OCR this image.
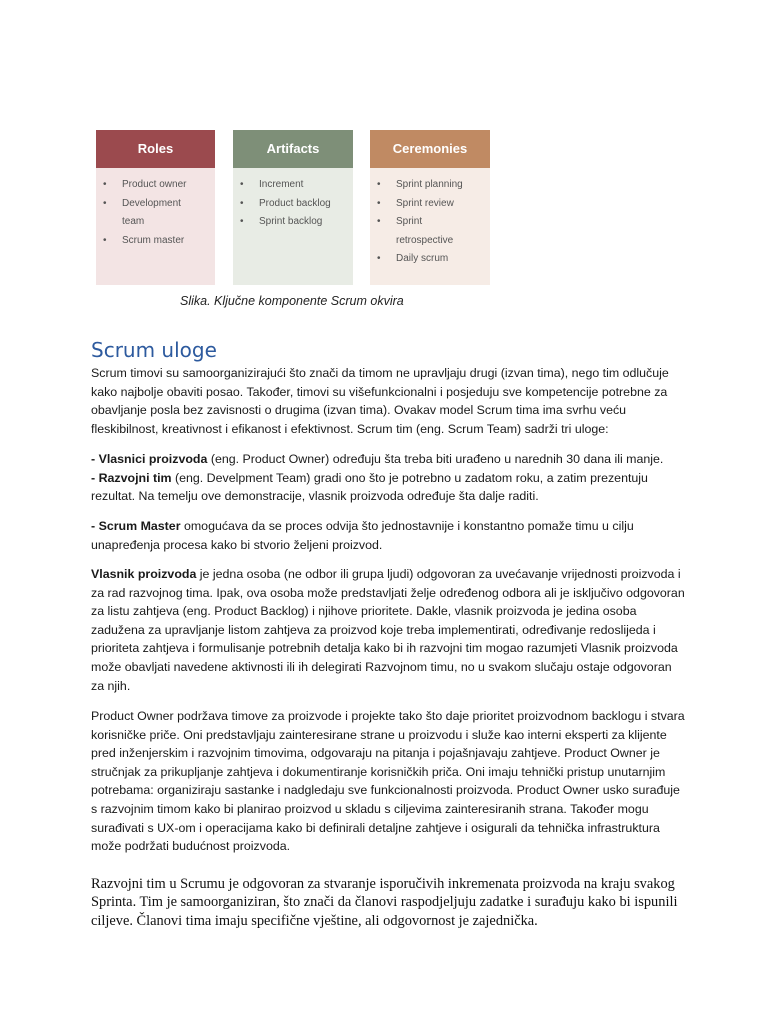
Roles
• Product owner
• Development team
• Scrum master
Artifacts
• Increment
• Product backlog
• Sprint backlog
Ceremonies
• Sprint planning
• Sprint review
• Sprint retrospective
• Daily scrum
Slika. Ključne komponente Scrum okvira
Scrum uloge

Scrum timovi su samoorganizirajući što znači da timom ne upravljaju drugi (izvan tima), nego tim odlučuje kako najbolje obaviti posao. Također, timovi su višefunkcionalni i posjeduju sve kompetencije potrebne za obavljanje posla bez zavisnosti o drugima (izvan tima). Ovakav model Scrum tima ima svrhu veću fleskibilnost, kreativnost i efikanost i efektivnost. Scrum tim (eng. Scrum Team) sadrži tri uloge:

- Vlasnici proizvoda (eng. Product Owner) određuju šta treba biti urađeno u narednih 30 dana ili manje.
- Razvojni tim (eng. Develpment Team) gradi ono što je potrebno u zadatom roku, a zatim prezentuju rezultat. Na temelju ove demonstracije, vlasnik proizvoda određuje šta dalje raditi.

- Scrum Master omogućava da se proces odvija što jednostavnije i konstantno pomaže timu u cilju unapređenja procesa kako bi stvorio željeni proizvod.

Vlasnik proizvoda je jedna osoba (ne odbor ili grupa ljudi) odgovoran za uvećavanje vrijednosti proizvoda i za rad razvojnog tima. Ipak, ova osoba može predstavljati želje određenog odbora ali je isključivo odgovoran za listu zahtjeva (eng. Product Backlog) i njihove prioritete. Dakle, vlasnik proizvoda je jedina osoba zadužena za upravljanje listom zahtjeva za proizvod koje treba implementirati, određivanje redoslijeda i prioriteta zahtjeva i formulisanje potrebnih detalja kako bi ih razvojni tim mogao razumjeti Vlasnik proizvoda može obavljati navedene aktivnosti ili ih delegirati Razvojnom timu, no u svakom slučaju ostaje odgovoran za njih.

Product Owner podržava timove za proizvode i projekte tako što daje prioritet proizvodnom backlogu i stvara korisničke priče. Oni predstavljaju zainteresirane strane u proizvodu i služe kao interni eksperti za klijente pred inženjerskim i razvojnim timovima, odgovaraju na pitanja i pojašnjavaju zahtjeve. Product Owner je stručnjak za prikupljanje zahtjeva i dokumentiranje korisničkih priča. Oni imaju tehnički pristup unutarnjim potrebama: organiziraju sastanke i nadgledaju sve funkcionalnosti proizvoda. Product Owner usko surađuje s razvojnim timom kako bi planirao proizvod u skladu s ciljevima zainteresiranih strana. Također mogu surađivati s UX-om i operacijama kako bi definirali detaljne zahtjeve i osigurali da tehnička infrastruktura može podržati budućnost proizvoda.

Razvojni tim u Scrumu je odgovoran za stvaranje isporučivih inkremenata proizvoda na kraju svakog Sprinta. Tim je samoorganiziran, što znači da članovi raspodjeljuju zadatke i surađuju kako bi ispunili ciljeve. Članovi tima imaju specifične vještine, ali odgovornost je zajednička.
